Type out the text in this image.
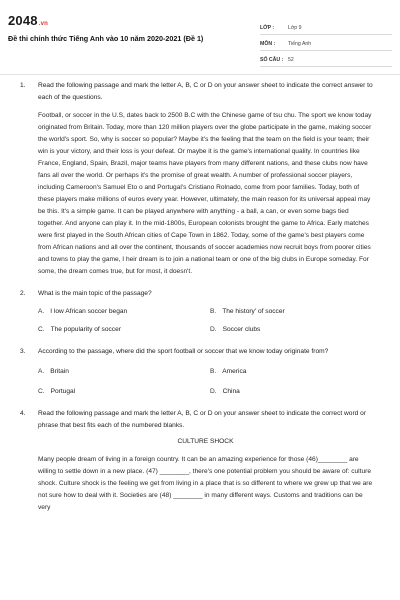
2048.vn
Đề thi chính thức Tiếng Anh vào 10 năm 2020-2021 (Đề 1)
LỚP :	Lớp 9
MÔN : Tiếng Anh
SỐ CÂU : 52
1. Read the following passage and mark the letter A, B, C or D on your answer sheet to indicate the correct answer to each of the questions.
Football, or soccer in the U.S, dates back to 2500 B.C with the Chinese game of tsu chu. The sport we know today originated from Britain. Today, more than 120 million players over the globe participate in the game, making soccer the world's sport. So, why is soccer so popular? Maybe it's the feeling that the team on the field is your team; their win is your victory, and their loss is your defeat. Or maybe it is the game's international quality. In countries like France, England, Spain, Brazil, major teams have players from many different nations, and these clubs now have fans all over the world. Or perhaps it's the promise of great wealth. A number of professional soccer players, including Cameroon's Samuel Eto o and Portugal's Cristiano Rolnado, come from poor families. Today, both of these players make millions of euros every year. However, ultimately, the main reason for its universal appeal may be this. It's a simple game. It can be played anywhere with anything - a ball, a can, or even some bags tied together. And anyone can play it. In the mid-1800s, European colonists brought the game to Africa. Early matches were first played in the South African cities of Cape Town in 1862. Today, some of the game's best players come from African nations and all over the continent, thousands of soccer academies now recruit boys from poorer cities and towns to play the game, I heir dream is to join a national team or one of the big clubs in Europe someday. For some, the dream comes true, but for most, it doesn't.
2. What is the main topic of the passage?
A. I low African soccer began	B. The history' of soccer
C. The popularity of soccer	D. Soccer clubs
3. According to the passage, where did the sport football or soccer that we know today originate from?
A. Britain	B. America
C. Portugal	D. China
4. Read the following passage and mark the letter A, B, C or D on your answer sheet to indicate the correct word or phrase that best fits each of the numbered blanks.
CULTURE SHOCK
Many people dream of living in a foreign country. It can be an amazing experience for those (46)________ are willing to settle down in a new place. (47) ________, there's one potential problem you should be aware of: culture shock. Culture shock is the feeling we get from living in a place that is so different to where we grew up that we are not sure how to deal with it. Societies are (48) ________ in many different ways. Customs and traditions can be very
